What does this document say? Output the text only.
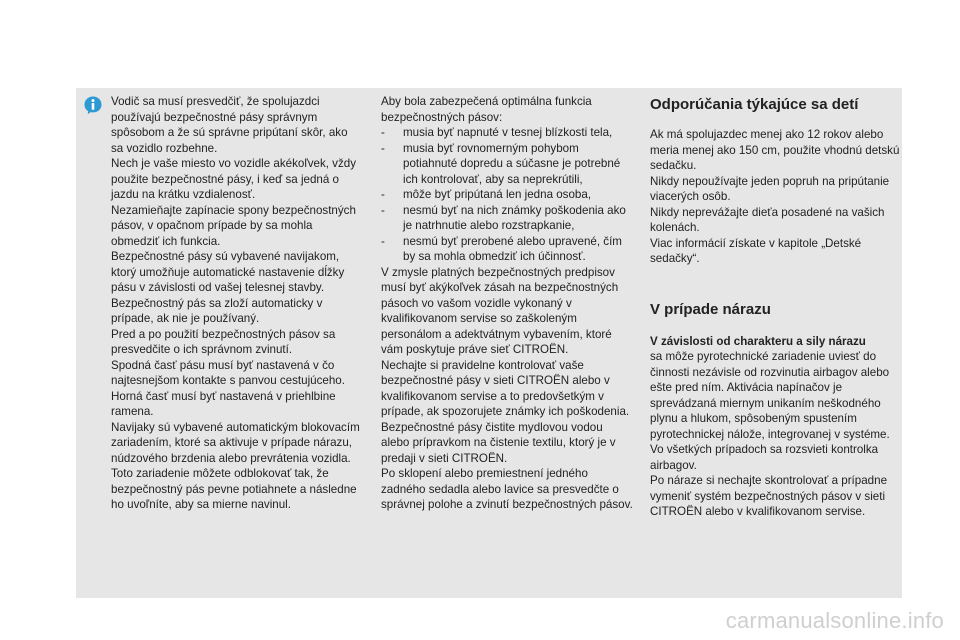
Vodič sa musí presvedčiť, že spolujazdci používajú bezpečnostné pásy správnym spôsobom a že sú správne pripútaní skôr, ako sa vozidlo rozbehne.

Nech je vaše miesto vo vozidle akékoľvek, vždy použite bezpečnostné pásy, i keď sa jedná o jazdu na krátku vzdialenosť.

Nezamieňajte zapínacie spony bezpečnostných pásov, v opačnom prípade by sa mohla obmedziť ich funkcia.

Bezpečnostné pásy sú vybavené navijakom, ktorý umožňuje automatické nastavenie dĺžky pásu v závislosti od vašej telesnej stavby. Bezpečnostný pás sa zloží automaticky v prípade, ak nie je používaný.

Pred a po použití bezpečnostných pásov sa presvedčite o ich správnom zvinutí.

Spodná časť pásu musí byť nastavená v čo najtesnejšom kontakte s panvou cestujúceho.

Horná časť musí byť nastavená v priehlbine ramena.

Navijaky sú vybavené automatickým blokovacím zariadením, ktoré sa aktivuje v prípade nárazu, núdzového brzdenia alebo prevrátenia vozidla. Toto zariadenie môžete odblokovať tak, že bezpečnostný pás pevne potiahnete a následne ho uvoľníte, aby sa mierne navinul.

Aby bola zabezpečená optimálna funkcia bezpečnostných pásov:

- musia byť napnuté v tesnej blízkosti tela,
- musia byť rovnomerným pohybom potiahnuté dopredu a súčasne je potrebné ich kontrolovať, aby sa neprekrútili,
- môže byť pripútaná len jedna osoba,
- nesmú byť na nich známky poškodenia ako je natrhnutie alebo rozstrapkanie,
- nesmú byť prerobené alebo upravené, čím by sa mohla obmedziť ich účinnosť.

V zmysle platných bezpečnostných predpisov musí byť akýkoľvek zásah na bezpečnostných pásoch vo vašom vozidle vykonaný v kvalifikovanom servise so zaškoleným personálom a adektvátnym vybavením, ktoré vám poskytuje práve sieť CITROËN.

Nechajte si pravidelne kontrolovať vaše bezpečnostné pásy v sieti CITROËN alebo v kvalifikovanom servise a to predovšetkým v prípade, ak spozorujete známky ich poškodenia.

Bezpečnostné pásy čistite mydlovou vodou alebo prípravkom na čistenie textilu, ktorý je v predaji v sieti CITROËN.

Po sklopení alebo premiestnení jedného zadného sedadla alebo lavice sa presvedčte o správnej polohe a zvinutí bezpečnostných pásov.

Odporúčania týkajúce sa detí

Ak má spolujazdec menej ako 12 rokov alebo meria menej ako 150 cm, použite vhodnú detskú sedačku.

Nikdy nepoužívajte jeden popruh na pripútanie viacerých osôb.

Nikdy neprevážajte dieťa posadené na vašich kolenách.

Viac informácií získate v kapitole „Detské sedačky“.

V prípade nárazu

V závislosti od charakteru a sily nárazu

sa môže pyrotechnické zariadenie uviesť do činnosti nezávisle od rozvinutia airbagov alebo ešte pred ním. Aktivácia napínačov je sprevádzaná miernym unikaním neškodného plynu a hlukom, spôsobeným spustením pyrotechnickej nálože, integrovanej v systéme.

Vo všetkých prípadoch sa rozsvieti kontrolka airbagov.

Po náraze si nechajte skontrolovať a prípadne vymeniť systém bezpečnostných pásov v sieti CITROËN alebo v kvalifikovanom servise.

carmanualsonline.info
